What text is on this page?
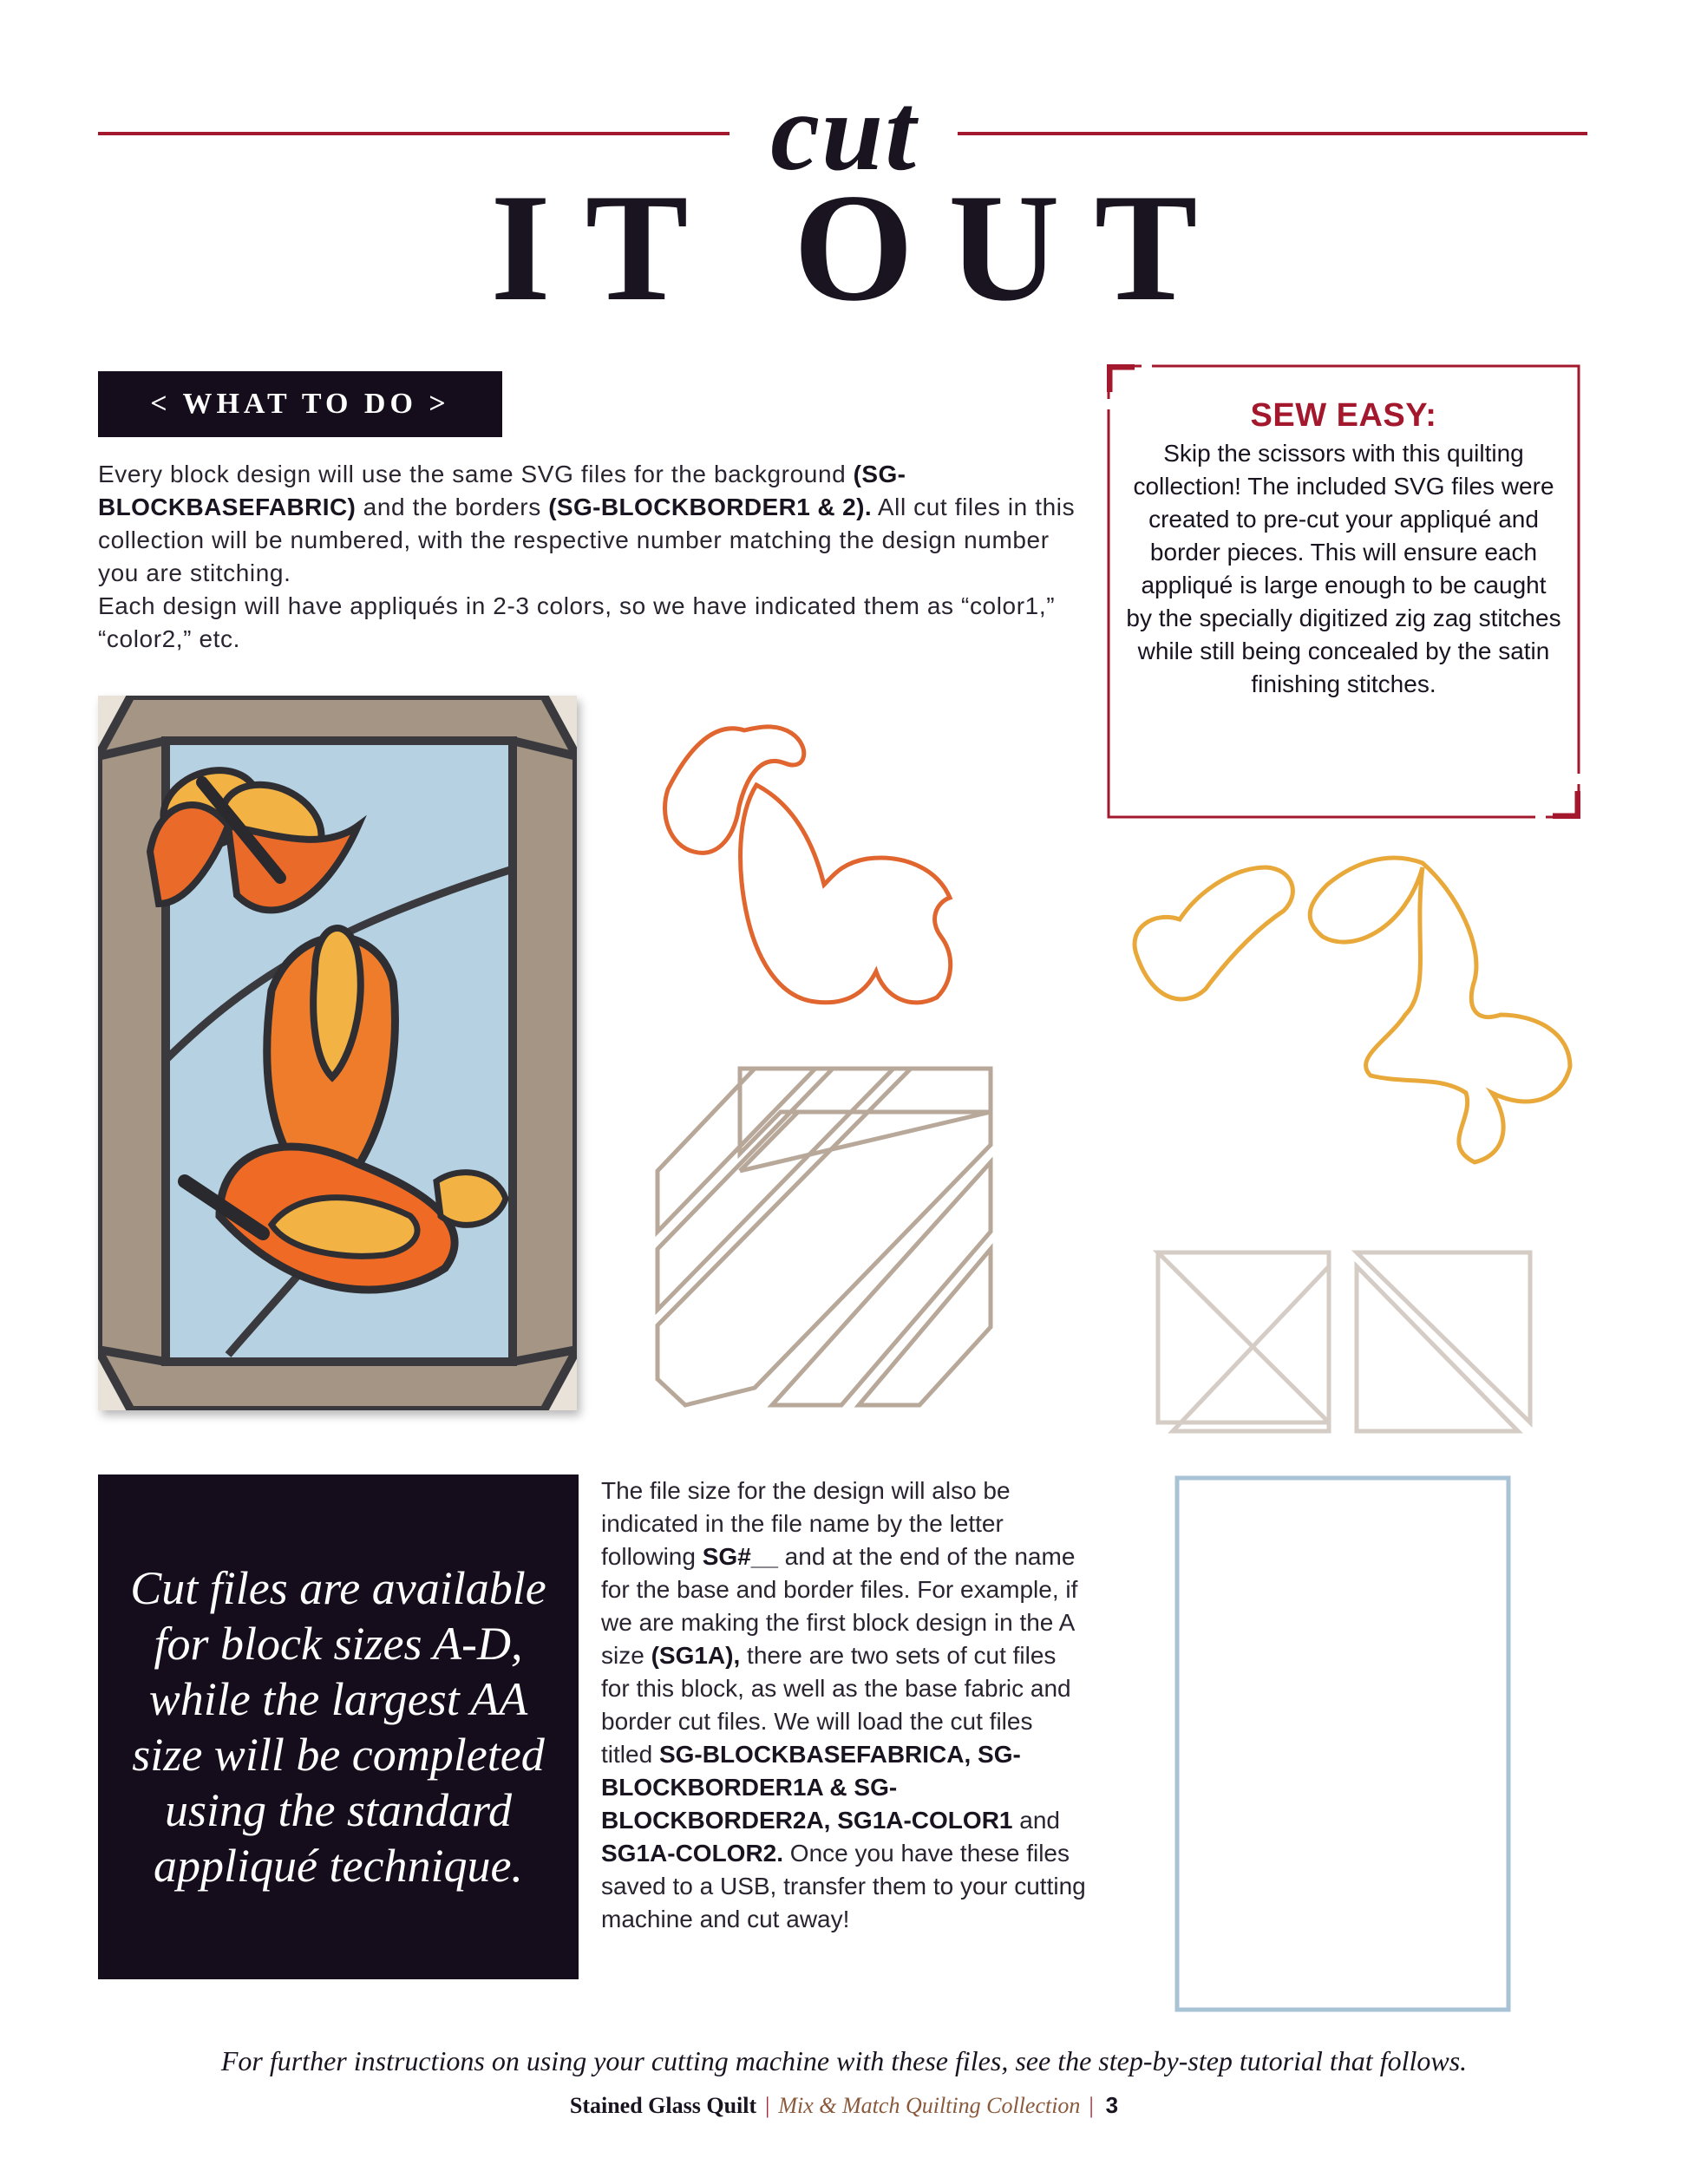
cut
IT OUT
< WHAT TO DO >
Every block design will use the same SVG files for the background (SG-BLOCKBASEFABRIC) and the borders (SG-BLOCKBORDER1 & 2). All cut files in this collection will be numbered, with the respective number matching the design number you are stitching.
Each design will have appliqués in 2-3 colors, so we have indicated them as “color1,” “color2,” etc.
SEW EASY:
Skip the scissors with this quilting collection! The included SVG files were created to pre-cut your appliqué and border pieces. This will ensure each appliqué is large enough to be caught by the specially digitized zig zag stitches while still being concealed by the satin finishing stitches.
Cut files are available for block sizes A-D, while the largest AA size will be completed using the standard appliqué technique.
The file size for the design will also be indicated in the file name by the letter following SG#__ and at the end of the name for the base and border files. For example, if we are making the first block design in the A size (SG1A), there are two sets of cut files for this block, as well as the base fabric and border cut files. We will load the cut files titled SG-BLOCKBASEFABRICA, SG-BLOCKBORDER1A & SG-BLOCKBORDER2A, SG1A-COLOR1 and SG1A-COLOR2. Once you have these files saved to a USB, transfer them to your cutting machine and cut away!
For further instructions on using your cutting machine with these files, see the step-by-step tutorial that follows.
Stained Glass Quilt | Mix & Match Quilting Collection | 3
